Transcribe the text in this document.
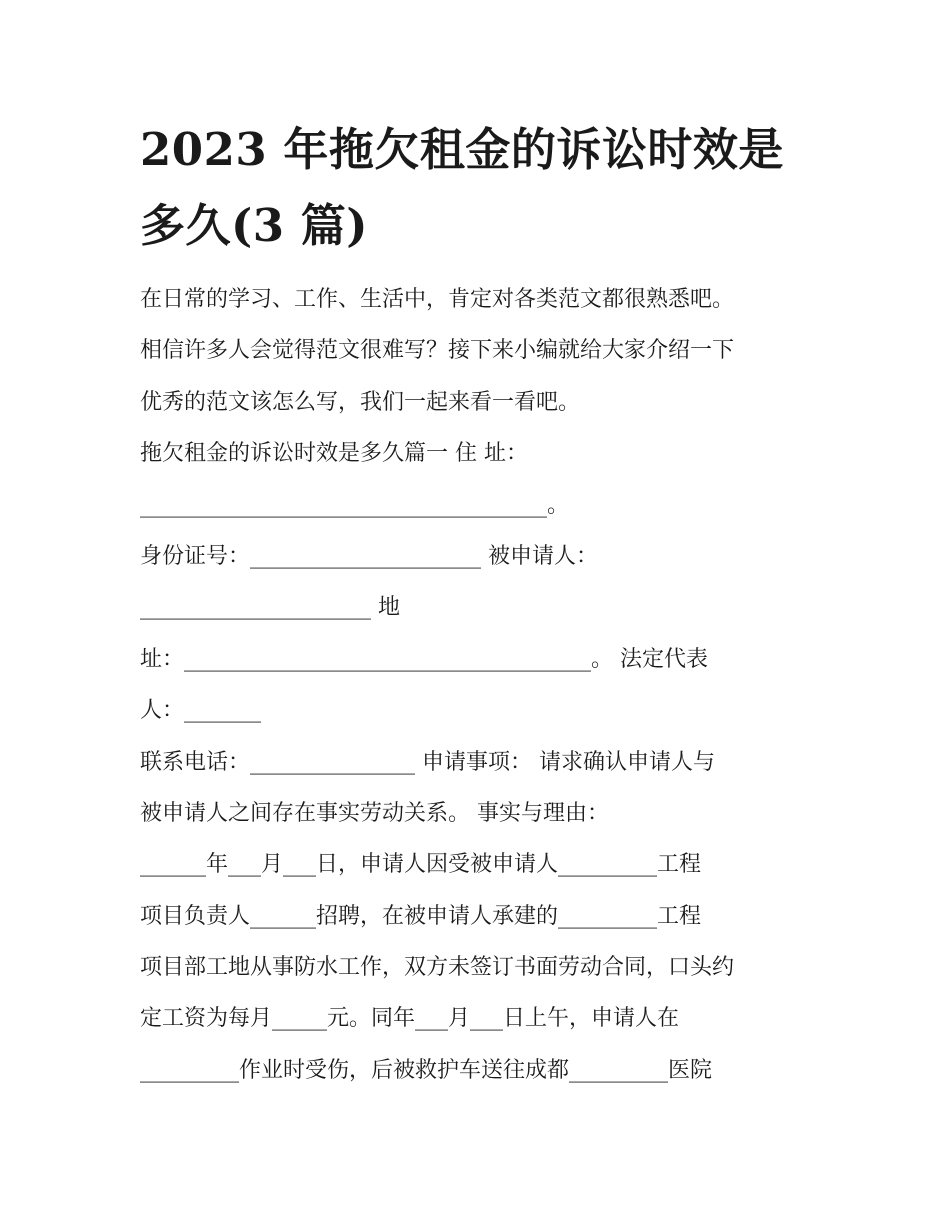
2023 年拖欠租金的诉讼时效是
多久(3 篇)
在日常的学习、工作、生活中，肯定对各类范文都很熟悉吧。
相信许多人会觉得范文很难写？接下来小编就给大家介绍一下
优秀的范文该怎么写，我们一起来看一看吧。
拖欠租金的诉讼时效是多久篇一 住 址：
_____________________________________。
身份证号：_____________________ 被申请人：
_____________________ 地
址：_____________________________________。 法定代表
人：_______
联系电话：_______________ 申请事项： 请求确认申请人与
被申请人之间存在事实劳动关系。 事实与理由：
______年___月___日，申请人因受被申请人_________工程
项目负责人______招聘，在被申请人承建的_________工程
项目部工地从事防水工作，双方未签订书面劳动合同，口头约
定工资为每月_____元。同年___月___日上午，申请人在
_________作业时受伤，后被救护车送往成都_________医院
